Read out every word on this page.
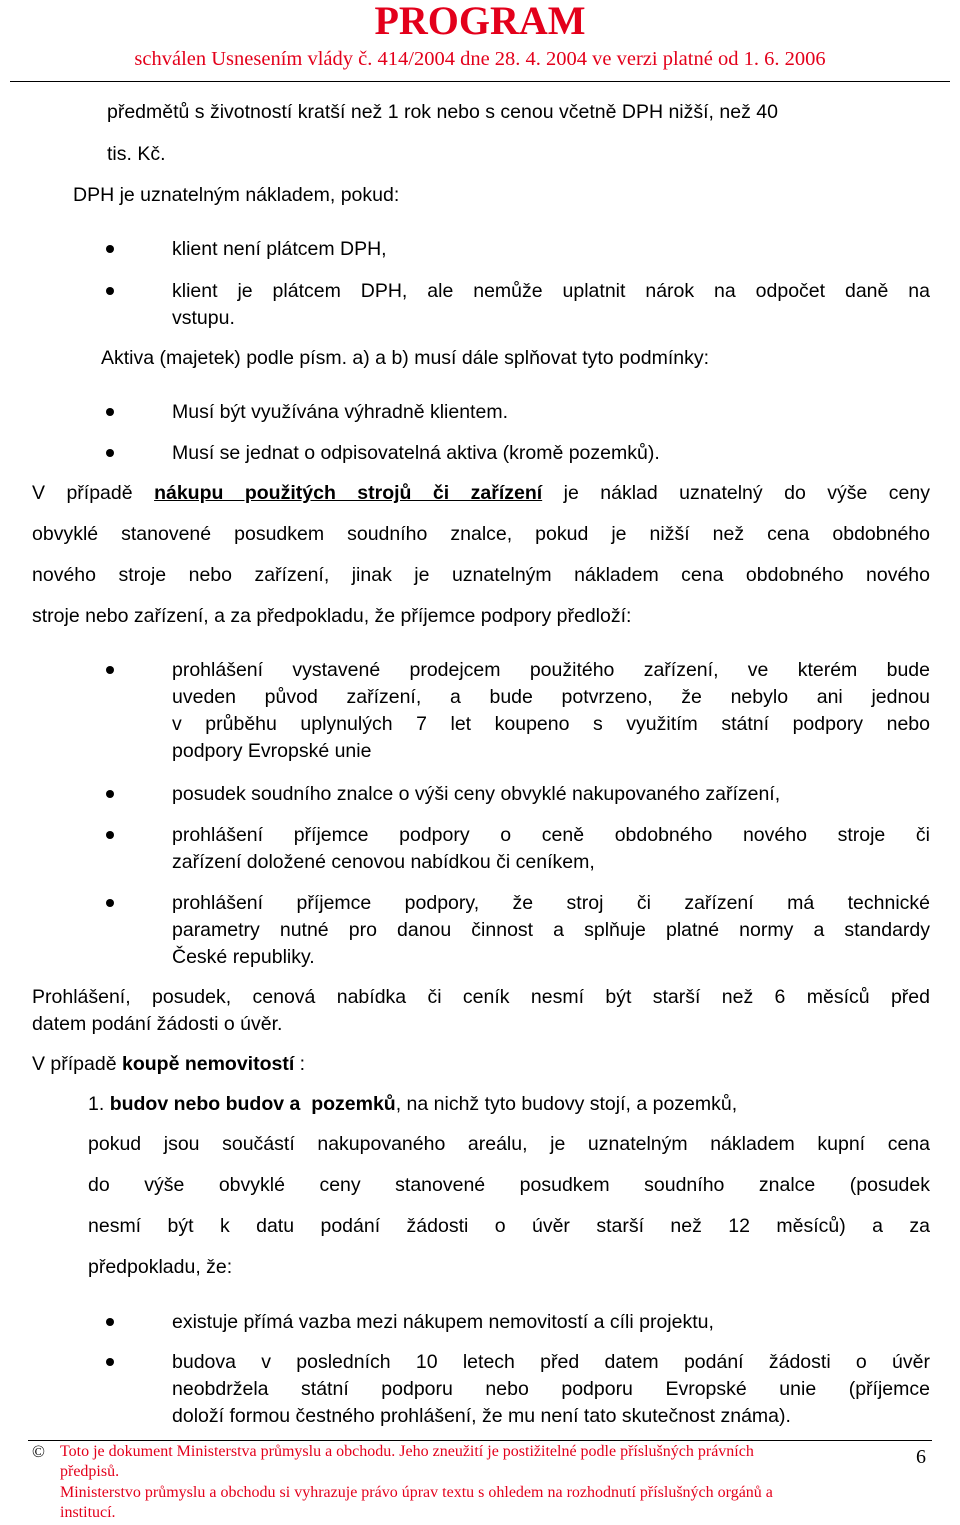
PROGRAM
schválen Usnesením vlády č. 414/2004 dne 28. 4. 2004 ve verzi platné od 1. 6. 2006
předmětů s životností kratší než 1 rok nebo s cenou včetně DPH nižší, než 40
tis. Kč.
DPH je uznatelným nákladem, pokud:
klient není plátcem DPH,
klient je plátcem DPH, ale nemůže uplatnit nárok na odpočet daně na
vstupu.
Aktiva (majetek) podle písm. a) a b) musí dále splňovat tyto podmínky:
Musí být využívána výhradně klientem.
Musí se jednat o odpisovatelná aktiva (kromě pozemků).
V případě nákupu použitých strojů či zařízení je náklad uznatelný do výše ceny
obvyklé stanovené posudkem soudního znalce, pokud je nižší než cena obdobného
nového stroje nebo zařízení, jinak je uznatelným nákladem cena obdobného nového
stroje nebo zařízení, a za předpokladu, že příjemce podpory předloží:
prohlášení vystavené prodejcem použitého zařízení, ve kterém bude
uveden původ zařízení, a bude potvrzeno, že nebylo ani jednou
v průběhu uplynulých 7 let koupeno s využitím státní podpory nebo
podpory Evropské unie
posudek soudního znalce o výši ceny obvyklé nakupovaného zařízení,
prohlášení příjemce podpory o ceně obdobného nového stroje či
zařízení doložené cenovou nabídkou či ceníkem,
prohlášení příjemce podpory, že stroj či zařízení má technické
parametry nutné pro danou činnost a splňuje platné normy a standardy
České republiky.
Prohlášení, posudek, cenová nabídka či ceník nesmí být starší než 6 měsíců před
datem podání žádosti o úvěr.
V případě koupě nemovitostí :
1. budov nebo budov a  pozemků, na nichž tyto budovy stojí, a pozemků,
pokud jsou součástí nakupovaného areálu, je uznatelným nákladem kupní cena
do výše obvyklé ceny stanovené posudkem soudního znalce (posudek
nesmí být k datu podání žádosti o úvěr starší než 12 měsíců) a za
předpokladu, že:
existuje přímá vazba mezi nákupem nemovitostí a cíli projektu,
budova v posledních 10 letech před datem podání žádosti o úvěr
neobdržela státní podporu nebo podporu Evropské unie (příjemce
doloží formou čestného prohlášení, že mu není tato skutečnost známa).
© Toto je dokument Ministerstva průmyslu a obchodu. Jeho zneužití je postižitelné podle příslušných právních
předpisů.
Ministerstvo průmyslu a obchodu si vyhrazuje právo úprav textu s ohledem na rozhodnutí příslušných orgánů a
institucí.
6
